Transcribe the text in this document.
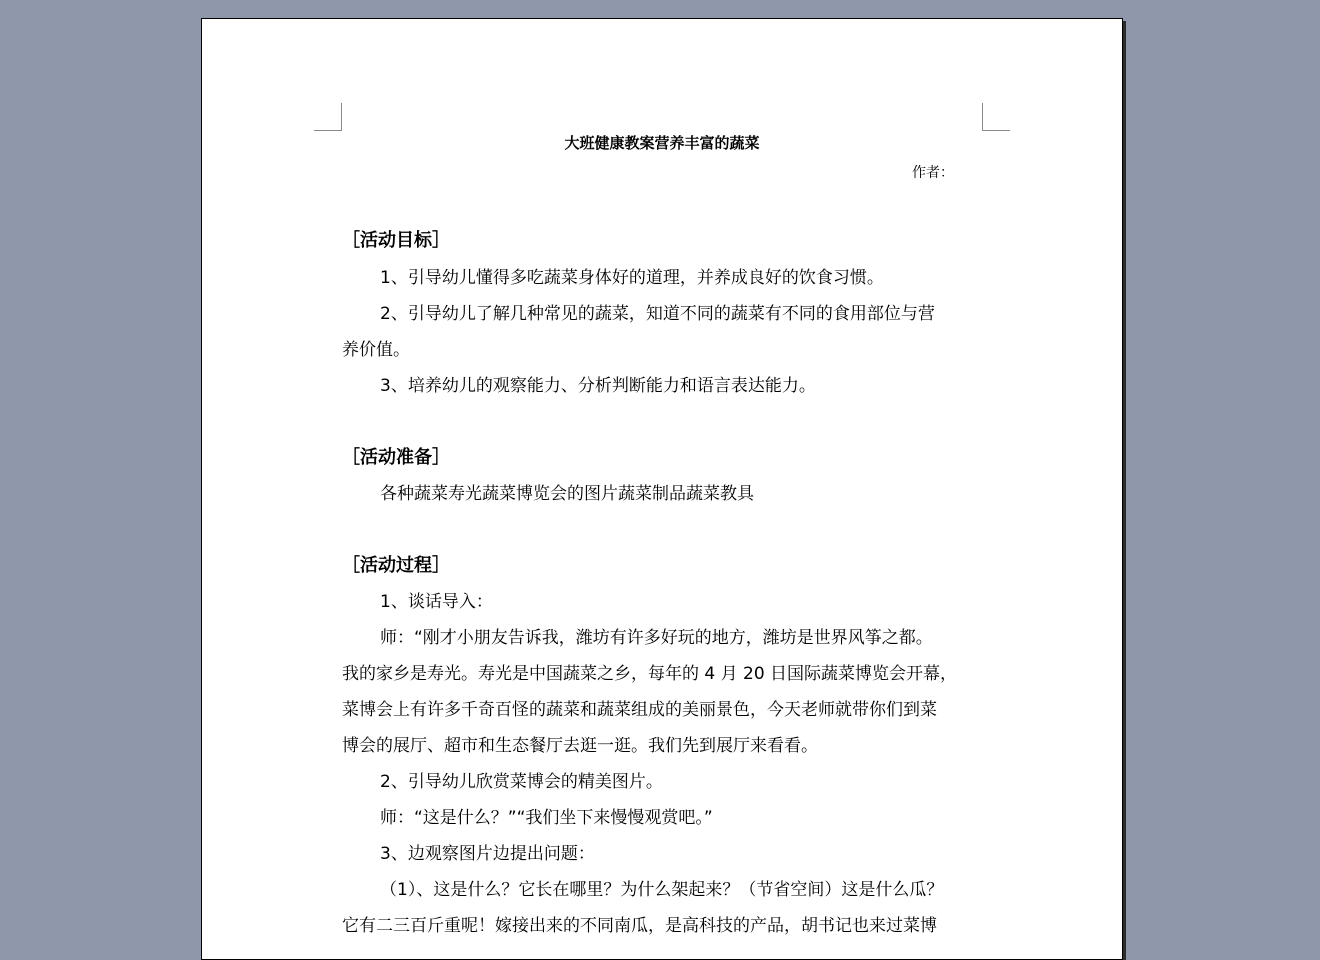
大班健康教案营养丰富的蔬菜
作者：
［活动目标］
1、引导幼儿懂得多吃蔬菜身体好的道理，并养成良好的饮食习惯。
2、引导幼儿了解几种常见的蔬菜，知道不同的蔬菜有不同的食用部位与营
养价值。
3、培养幼儿的观察能力、分析判断能力和语言表达能力。
［活动准备］
各种蔬菜寿光蔬菜博览会的图片蔬菜制品蔬菜教具
［活动过程］
1、谈话导入：
师：“刚才小朋友告诉我，潍坊有许多好玩的地方，潍坊是世界风筝之都。
我的家乡是寿光。寿光是中国蔬菜之乡，每年的 4 月 20 日国际蔬菜博览会开幕，
菜博会上有许多千奇百怪的蔬菜和蔬菜组成的美丽景色，今天老师就带你们到菜
博会的展厅、超市和生态餐厅去逛一逛。我们先到展厅来看看。
2、引导幼儿欣赏菜博会的精美图片。
师：“这是什么？”“我们坐下来慢慢观赏吧。”
3、边观察图片边提出问题：
（1）、这是什么？它长在哪里？为什么架起来？（节省空间）这是什么瓜？
它有二三百斤重呢！嫁接出来的不同南瓜，是高科技的产品，胡书记也来过菜博
